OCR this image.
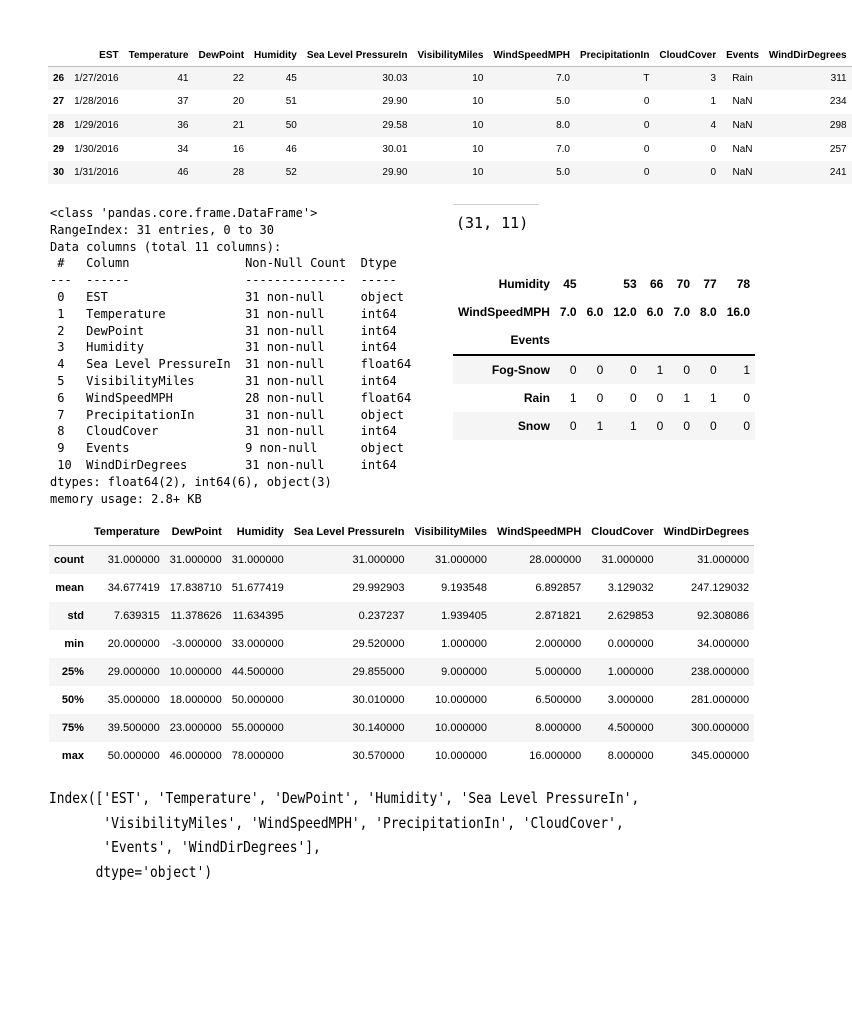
	EST	Temperature	DewPoint	Humidity	Sea Level PressureIn	VisibilityMiles	WindSpeedMPH	PrecipitationIn	CloudCover	Events	WindDirDegrees
26	1/27/2016	41	22	45	30.03	10	7.0	T	3	Rain	311
27	1/28/2016	37	20	51	29.90	10	5.0	0	1	NaN	234
28	1/29/2016	36	21	50	29.58	10	8.0	0	4	NaN	298
29	1/30/2016	34	16	46	30.01	10	7.0	0	0	NaN	257
30	1/31/2016	46	28	52	29.90	10	5.0	0	0	NaN	241
<class 'pandas.core.frame.DataFrame'>
RangeIndex: 31 entries, 0 to 30
Data columns (total 11 columns):
#   Column                Non-Null Count  Dtype
---  ------                --------------  -----
0   EST                   31 non-null     object
1   Temperature           31 non-null     int64
2   DewPoint              31 non-null     int64
3   Humidity              31 non-null     int64
4   Sea Level PressureIn  31 non-null     float64
5   VisibilityMiles       31 non-null     int64
6   WindSpeedMPH          28 non-null     float64
7   PrecipitationIn       31 non-null     object
8   CloudCover            31 non-null     int64
9   Events                9 non-null      object
10  WindDirDegrees        31 non-null     int64
dtypes: float64(2), int64(6), object(3)
memory usage: 2.8+ KB
(31, 11)
Humidity	45		53	66	70	77	78
WindSpeedMPH	7.0	6.0	12.0	6.0	7.0	8.0	16.0
Events							
Fog-Snow	0	0	0	1	0	0	1
Rain	1	0	0	0	1	1	0
Snow	0	1	1	0	0	0	0
	Temperature	DewPoint	Humidity	Sea Level PressureIn	VisibilityMiles	WindSpeedMPH	CloudCover	WindDirDegrees
count	31.000000	31.000000	31.000000	31.000000	31.000000	28.000000	31.000000	31.000000
mean	34.677419	17.838710	51.677419	29.992903	9.193548	6.892857	3.129032	247.129032
std	7.639315	11.378626	11.634395	0.237237	1.939405	2.871821	2.629853	92.308086
min	20.000000	-3.000000	33.000000	29.520000	1.000000	2.000000	0.000000	34.000000
25%	29.000000	10.000000	44.500000	29.855000	9.000000	5.000000	1.000000	238.000000
50%	35.000000	18.000000	50.000000	30.010000	10.000000	6.500000	3.000000	281.000000
75%	39.500000	23.000000	55.000000	30.140000	10.000000	8.000000	4.500000	300.000000
max	50.000000	46.000000	78.000000	30.570000	10.000000	16.000000	8.000000	345.000000
Index(['EST', 'Temperature', 'DewPoint', 'Humidity', 'Sea Level PressureIn',
'VisibilityMiles', 'WindSpeedMPH', 'PrecipitationIn', 'CloudCover',
'Events', 'WindDirDegrees'],
dtype='object')
